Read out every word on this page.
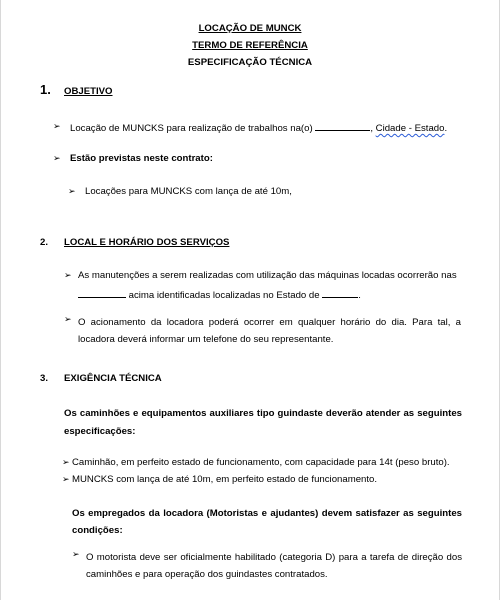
LOCAÇÃO DE MUNCK
TERMO DE REFERÊNCIA
ESPECIFICAÇÃO TÉCNICA
1. OBJETIVO
➢ Locação de MUNCKS para realização de trabalhos na(o)	, Cidade - Estado.
➢ Estão previstas neste contrato:
➢ Locações para MUNCKS com lança de até 10m,
2. LOCAL E HORÁRIO DOS SERVIÇOS
➢ As manutenções a serem realizadas com utilização das máquinas locadas ocorrerão nas
acima identificadas localizadas no Estado de	.
➢ O acionamento da locadora poderá ocorrer em qualquer horário do dia. Para tal, a locadora deverá informar um telefone do seu representante.
3. EXIGÊNCIA TÉCNICA
Os caminhões e equipamentos auxiliares tipo guindaste deverão atender as seguintes especificações:
➢ Caminhão, em perfeito estado de funcionamento, com capacidade para 14t (peso bruto).
➢ MUNCKS com lança de até 10m, em perfeito estado de funcionamento.
Os empregados da locadora (Motoristas e ajudantes) devem satisfazer as seguintes condições:
➢ O motorista deve ser oficialmente habilitado (categoria D) para a tarefa de direção dos caminhões e para operação dos guindastes contratados.
